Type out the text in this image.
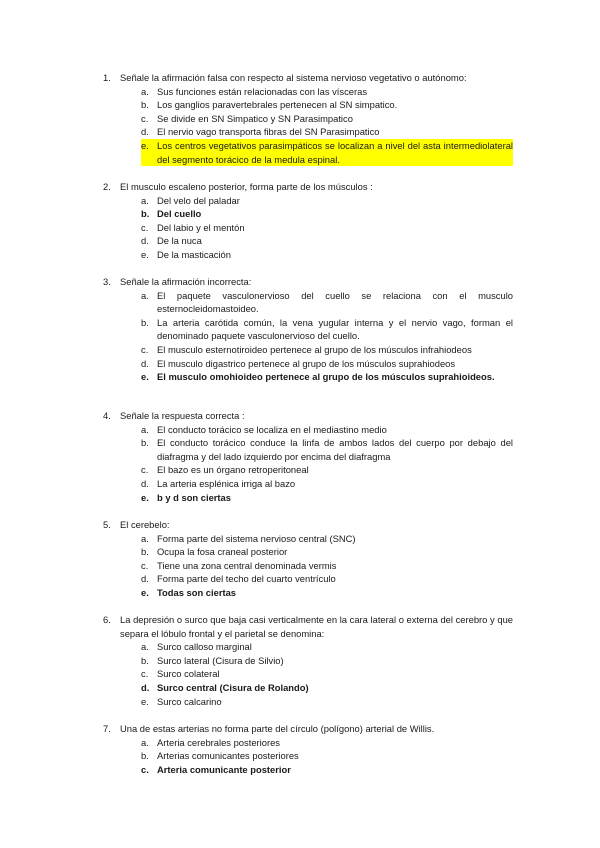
1. Señale la afirmación falsa con respecto al sistema nervioso vegetativo o autónomo:
a. Sus funciones están relacionadas con las vísceras
b. Los ganglios paravertebrales pertenecen al SN simpatico.
c. Se divide en SN Simpatico y SN Parasimpatico
d. El nervio vago transporta fibras del SN Parasimpatico
e. Los centros vegetativos parasimpáticos se localizan a nivel del asta intermediolateral del segmento torácico de la medula espinal.
2. El musculo escaleno posterior, forma parte de los músculos :
a. Del velo del paladar
b. Del cuello
c. Del labio y el mentón
d. De la nuca
e. De la masticación
3. Señale la afirmación incorrecta:
a. El paquete vasculonervioso del cuello se relaciona con el musculo esternocleidomastoideo.
b. La arteria carótida común, la vena yugular interna y el nervio vago, forman el denominado paquete vasculonervioso del cuello.
c. El musculo esternotiroideo pertenece al grupo de los músculos infrahiodeos
d. El musculo digastrico pertenece al grupo de los músculos suprahiodeos
e. El musculo omohioideo pertenece al grupo de los músculos suprahioideos.
4. Señale la respuesta correcta :
a. El conducto torácico se localiza en el mediastino medio
b. El conducto torácico conduce la linfa de ambos lados del cuerpo por debajo del diafragma y del lado izquierdo por encima del diafragma
c. El bazo es un órgano retroperitoneal
d. La arteria esplénica irriga al bazo
e. b y d son ciertas
5. El cerebelo:
a. Forma parte del sistema nervioso central (SNC)
b. Ocupa la fosa craneal posterior
c. Tiene una zona central denominada vermis
d. Forma parte del techo del cuarto ventrículo
e. Todas son ciertas
6. La depresión o surco que baja casi verticalmente en la cara lateral o externa del cerebro y que separa el lóbulo frontal y el parietal se denomina:
a. Surco calloso marginal
b. Surco lateral (Cisura de Silvio)
c. Surco colateral
d. Surco central (Cisura de Rolando)
e. Surco calcarino
7. Una de estas arterias no forma parte del círculo (polígono) arterial de Willis.
a. Arteria cerebrales posteriores
b. Arterias comunicantes posteriores
c. Arteria comunicante posterior
